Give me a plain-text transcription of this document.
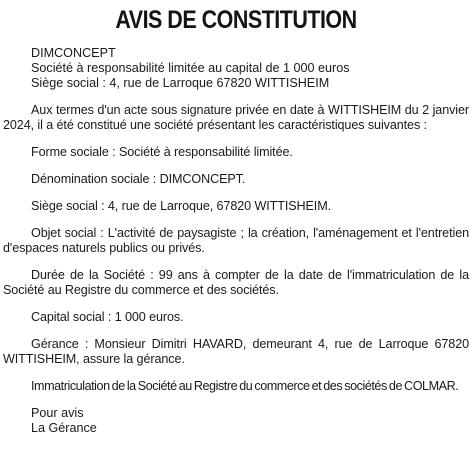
AVIS DE CONSTITUTION
DIMCONCEPT
Société à responsabilité limitée au capital de 1 000 euros
Siège social : 4, rue de Larroque 67820 WITTISHEIM

Aux termes d'un acte sous signature privée en date à WITTISHEIM du 2 janvier 2024, il a été constitué une société présentant les caractéristiques suivantes :

Forme sociale : Société à responsabilité limitée.

Dénomination sociale : DIMCONCEPT.

Siège social : 4, rue de Larroque, 67820 WITTISHEIM.

Objet social : L'activité de paysagiste ; la création, l'aménagement et l'entretien d'espaces naturels publics ou privés.

Durée de la Société : 99 ans à compter de la date de l'immatriculation de la Société au Registre du commerce et des sociétés.

Capital social : 1 000 euros.

Gérance : Monsieur Dimitri HAVARD, demeurant 4, rue de Larroque 67820 WITTISHEIM, assure la gérance.

Immatriculation de la Société au Registre du commerce et des sociétés de COLMAR.

Pour avis
La Gérance
